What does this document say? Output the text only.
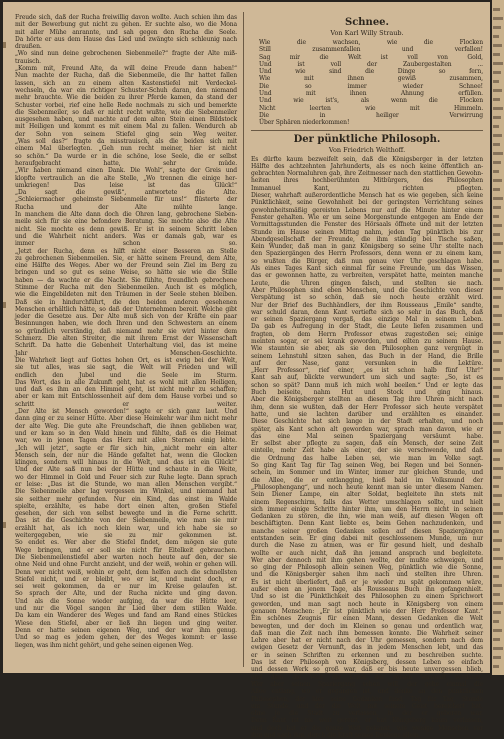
Freude sich, daß der Rucha freiwillig davon wollte. Auch schien ihm das
mit der Bewerbung gut nicht zu gehen. Er suchte also, wo die Mona
mit aller Mühe anrannte, und sah gegen den Rucha die Seele.
Da hörte er aus dem Hause das Lied und zwängte sich schleunig nach
draußen.
„Wo sind nun deine gebrochenen Siebenmeile?“ fragte der Alte miß-
trauisch.
„Komm mit, Freund Alte, da will deine Freude dann haben!“
Nun machte der Rucha, daß die Siebenmeile, die Ihr hattet fallen
lassen, sich an zu einem alten Kastenstiefel mit Verdeckel-
wechseln, da war ein richtiger Schuster-Schuh daran, den niemand
mehr brauchte. Wie die beiden zu ihrer Pferde kamen, da stand der
Schuster vorbei, rief eine helle Rede nochmals zu sich und bemerkte
die Siebenmeiler, so daß er nicht recht wußte, wie die Siebenmeiler
ausgesehen haben, und machte auf dem alten Stein einen Bildstock
mit Heiligen und kommt es mit einem Mal zu fallen. Wendurch ab
der Sohn von seinem Stiefel ging sein Weg weiter.
„Was soll das?“ fragte da misstrauisch, als die beiden sich mit
einem Mal überlegten. „Geh nun recht meiner, hier ist nicht
so schön.“ Da wurde er in die schöne, lose Seele, die er selbst
heraufgebracht hatte, sehr müde.
„Wir haben niemand einen Dank. Die Wohl“, sagte der Greis und
klopfte vertraulich an die alte Stelle, „Wo trennen die einige her-
umkriegen! Das leise ist das Glück!“
„Da sagt die gewiß“, antwortete die Alte.
„Schleiermacher geheimste Siebenmeile für uns!“ flüsterte der
Rucha und der Alte mühte lange.
In manchem die Alte dann doch die Ohren lang, gebrochene Sieben-
meile sich für sie eine befondere Beratung. Sie mochte also die Alte
nicht. Sie mochte es denn gewiß. Er ist in seinem Schritt leben
und die Wahrheit nicht anders. Was er damals gab, war es
immer schon so.
„Jetzt der Rucha, denn es hilft nicht einer Besseren an Stelle
zu gebrochenen Siebenmeilen. Sie, er hätte seinem Freund, dem Alte,
eine Hälfte des Weges. Aber wo der Freund sein Ziel im Berg zu
bringen und so gut es seine Weise, so hätte sie wie die Stille
haben — da wachte er die Nacht. Sie fühlte, freundlich gebrochene
Stimme der Rucha mit den Siebenmeilen. Auch ist es möglich,
wie die Eingebildeten mit den Träumen in der Seele stehen bleiben.
Daß sie in hindurchführt, die den beiden anderen gesehenen
Menschen erhältlich hätte, so daß der Unternehmen bereit. Welche gibt
jeder die Gesetze aus. Der Alte muß sich von der Kräfte ein paar
Besinnungen haben, wie doch Ihren und den Schwestern an einem
so gründlich verständig, daß niemand mehr sie wird hinter dem
Schmerz. Die alten Streiter, die mit ihrem Ernst der Wissenschaft
Schrift. Da hatte die Gebenheit Unterhaltung viel, das ist meine
Jahr Menschen-Geschichte.
Die Wahrheit liegt auf Gottes hohen Ort, es ist ewig bei der Welt,
sie tut alles, was sie sagt, die Welt will Frieden und will
endlich den Jubel und die Seele im Sturm.
Das Wort, das in alle Zukunft geht, hat es wohl mit allen Heiligen,
und daß es ihm an den Himmel geht, ist nicht mehr zu schaffen;
aber er kam mit Entschlossenheit auf dem dem Hause vorbei und so
schritt er weiter.
„Der Alte ist Mensch geworden!“ sagte er sich ganz laut. Und
dann ging er zu seiner Hütte. Aber diese Heimkehr war ihm nicht mehr
der alte Weg. Die gute alte Freundschaft, die ihnen geblieben war,
und er kam so in den Wald hinein und fühlte, daß es die Heimat
war, wo in jenen Tagen das Herz mit allen Sternen einig lebte.
„Ich will jetzt“, sagte er für sich hin, „nicht mehr ein alter
Mensch sein, der nur die Hände gefaltet hat, wenn die Glocken
klingen, sondern will hinaus in die Welt, und das ist ein Glück!“
Und der Alte saß nun bei der Hütte und schaute in die Weite,
wo der Himmel in Gold und Feuer sich zur Ruhe legte. Dann sprach
er leise: „Das ist die Stunde, wo man allen Menschen vergibt.“
Die Siebenmeile aber lag vergessen im Winkel, und niemand hat
sie seither mehr gefunden. Nur ein Kind, das einst im Walde
spielte, erzählte, es habe dort einen alten, großen Stiefel
gesehen, der sich von selbst bewegte und in die Ferne schritt.
Das ist die Geschichte von der Siebenmeile, wie man sie mir
erzählt hat, als ich noch klein war, und ich habe sie so
weitergegeben, wie sie zu mir gekommen ist.
So endet es. Wer aber die Stiefel findet, dem mögen sie gute
Wege bringen, und er soll sie nicht für Eitelkeit gebrauchen.
Die Siebenmeilenstiefel aber warten noch heute auf den, der sie
ohne Neid und ohne Furcht anzieht, und der weiß, wohin er gehen will.
Denn wer nicht weiß, wohin er geht, dem helfen auch die schnellsten
Stiefel nicht, und er bleibt, wo er ist, und meint doch, er
sei weit gekommen, da er nur im Kreise gelaufen ist.
So sprach der Alte, und der Rucha nickte und ging davon.
Und als die Sonne wieder aufging, da war die Hütte leer,
und nur die Vögel sangen ihr Lied über dem stillen Walde.
Da kam ein Wanderer des Weges und fand am Rand eines Stückes
Wiese den Stiefel, aber er ließ ihn liegen und ging weiter.
Denn er hatte seinen eigenen Weg, und der war ihm genug.
Und so mag es jedem gehen, der des Weges kommt: er lasse
liegen, was ihm nicht gehört, und gehe seinen eigenen Weg.
Schnee.
Von Karl Willy Straub.
Wie die wachsen, wie die Flocken
Still zusammenfallen und verfallen!
Sag mir die Welt ist voll von Gold,
Und ist voll der Zaubergestalten ...
Und wie sind die Dinge so fern,
Wie mit ihnen gewiß zusammen,
Die so immer wieder Schnee!
Und mit ihnen Ahnung erfüllen.
Und wie ist's, als wenn die Flocken
Nicht leerten wie mit Himmeln.
Die in heiliger Verwirrung
Über Sphären niederkommen!
Der pünktliche Philosoph.
Von Friedrich Welthoff.
Es dürfte kaum bezweifelt sein, daß die Königsberger in der letzten
Hälfte des achtzehnten Jahrhunderts, als es noch keine öffentlich an-
gebrachten Normaluhren gab, ihre Zeitmesser nach den stattlichen Gewohn-
heiten ihres hochberühmten Mitbürgers, des Philosophen
Immanuel Kant, zu richten pflegten.
Dieser, wahrhaft außerordentliche Mensch hat es wie gegeben, sich keine
Pünktlichkeit, seine Gewohnheit bei der geringsten Verrichtung seines
gewohnheitsmäßig gereisten Lebens nur auf die Minute hinter einem
Fenster gehalten. Wie er um seine Morgenstunde entgegen am Ende der
Vormittagsstunden die Fenster des Hörsaals öffnete und mit der letzten
Stunde im Hause seinen Mittag nahm, jeden Tag pünktlich bis zur
Abendgesellschaft der Freunde, die ihm ständig bei Tische saßen,
Kein Wunder, daß man in ganz Königsberg so seine Uhr stellte nach
den Spaziergängen des Herrn Professors, denn wenn er zu einem kam,
so wußten die Bürger, daß nun genau vier Uhr geschlagen habe.
Als eines Tages Kant sich einmal für seine Freunde, um das Wissen,
das er gewonnen hatte, zu verbreiten, verspätet hatte, meinten manche
Leute, die Uhren gingen falsch, und stellten sie nach.
Aber Philosophen sind eben Menschen, und die Geschichte von dieser
Verspätung ist so schön, daß sie noch heute erzählt wird.
Nur der Brief des Buchhändlers, der ihm Rousseaus „Emile“ sandte,
war schuld daran, denn Kant vertiefte sich so sehr in das Buch, daß
er seinen Spaziergang vergaß, das einzige Mal in seinem Leben.
Da gab es Aufregung in der Stadt, die Leute liefen zusammen und
fragten, ob dem Herrn Professor etwas zugestoßen sei; einige
meinten sogar, er sei krank geworden, und eilten zu seinem Hause.
Wie staunten sie aber, als sie den Philosophen ganz vergnügt in
seinem Lehnstuhl sitzen sahen, das Buch in der Hand, die Brille
auf der Nase, ganz versunken in die Lektüre.
„Herr Professor“, rief einer, „es ist schon halb fünf Uhr!“
Kant sah auf, blickte verwundert um sich und sagte: „So, ist es
schon so spät? Dann muß ich mich wohl beeilen.“ Und er legte das
Buch beiseite, nahm Hut und Stock und ging hinaus.
Aber die Königsberger stellten an diesem Tag ihre Uhren nicht nach
ihm, denn sie wußten, daß der Herr Professor sich heute verspätet
hatte, und sie lachten darüber und erzählten es einander.
Diese Geschichte hat sich lange in der Stadt erhalten, und noch
später, als Kant schon alt geworden war, sprach man davon, wie er
das eine Mal seinen Spaziergang versäumt habe.
Er selbst aber pflegte zu sagen, daß ein Mensch, der seine Zeit
einteile, mehr Zeit habe als einer, der sie verschwende, und daß
die Ordnung das halbe Leben sei, wie man im Volke sagt.
So ging Kant Tag für Tag seinen Weg, bei Regen und bei Sonnen-
schein, im Sommer und im Winter, immer zur gleichen Stunde, und
die Allee, die er entlangging, hieß bald im Volksmund der
„Philosophengang“, und noch heute kennt man sie unter diesem Namen.
Sein Diener Lampe, ein alter Soldat, begleitete ihn stets mit
einem Regenschirm, falls das Wetter umschlagen sollte, und hielt
sich immer einige Schritte hinter ihm, um den Herrn nicht in seinen
Gedanken zu stören, die ihn, wie man weiß, auf diesen Wegen oft
beschäftigten. Denn Kant liebte es, beim Gehen nachzudenken, und
manche seiner großen Gedanken sollen auf diesen Spaziergängen
entstanden sein. Er ging dabei mit geschlossenem Munde, um nur
durch die Nase zu atmen, was er für gesund hielt, und deshalb
wollte er auch nicht, daß ihn jemand ansprach und begleitete.
Wer aber dennoch mit ihm gehen wollte, der mußte schweigen, und
so ging der Philosoph allein seinen Weg, pünktlich wie die Sonne,
und die Königsberger sahen ihm nach und stellten ihre Uhren.
Es ist nicht überliefert, daß er je wieder zu spät gekommen wäre,
außer eben an jenem Tage, als Rousseaus Buch ihn gefangenhielt.
Und so ist die Pünktlichkeit des Philosophen zu einem Sprichwort
geworden, und man sagt noch heute in Königsberg von einem
genauen Menschen: „Er ist pünktlich wie der Herr Professor Kant.“
Ein schönes Zeugnis für einen Mann, dessen Gedanken die Welt
bewegten, und der doch im Kleinen so genau und ordentlich war,
daß man die Zeit nach ihm bemessen konnte. Die Wahrheit seiner
Lehre aber hat er nicht nach der Uhr gemessen, sondern nach dem
ewigen Gesetz der Vernunft, das in jedem Menschen lebt, und das
er in seinen Schriften zu erkennen und zu beschreiben suchte.
Das ist der Philosoph von Königsberg, dessen Leben so einfach
und dessen Werk so groß war, daß er bis heute unvergessen blieb,
und dem die Welt die Kritik der reinen Vernunft verdankt.
Wer aber seinen Spaziergang sehen will, der gehe einmal die
Allee entlang, wo er gegangen ist, und denke an den pünktlichen
Philosophen, der hier seine Gedanken fand, Tag für Tag, Stunde
um Stunde, und der die Welt mit seinem Geist bereichert hat,
ohne je die Stadt zu verlassen, in der er geboren war.
Denn Kant ist nie weit gereist, er hat Königsberg kaum verlassen,
und doch hat er die ganze Welt gekannt, wie wenige Menschen vor
ihm und nach ihm, durch die Kraft seines Denkens allein.
